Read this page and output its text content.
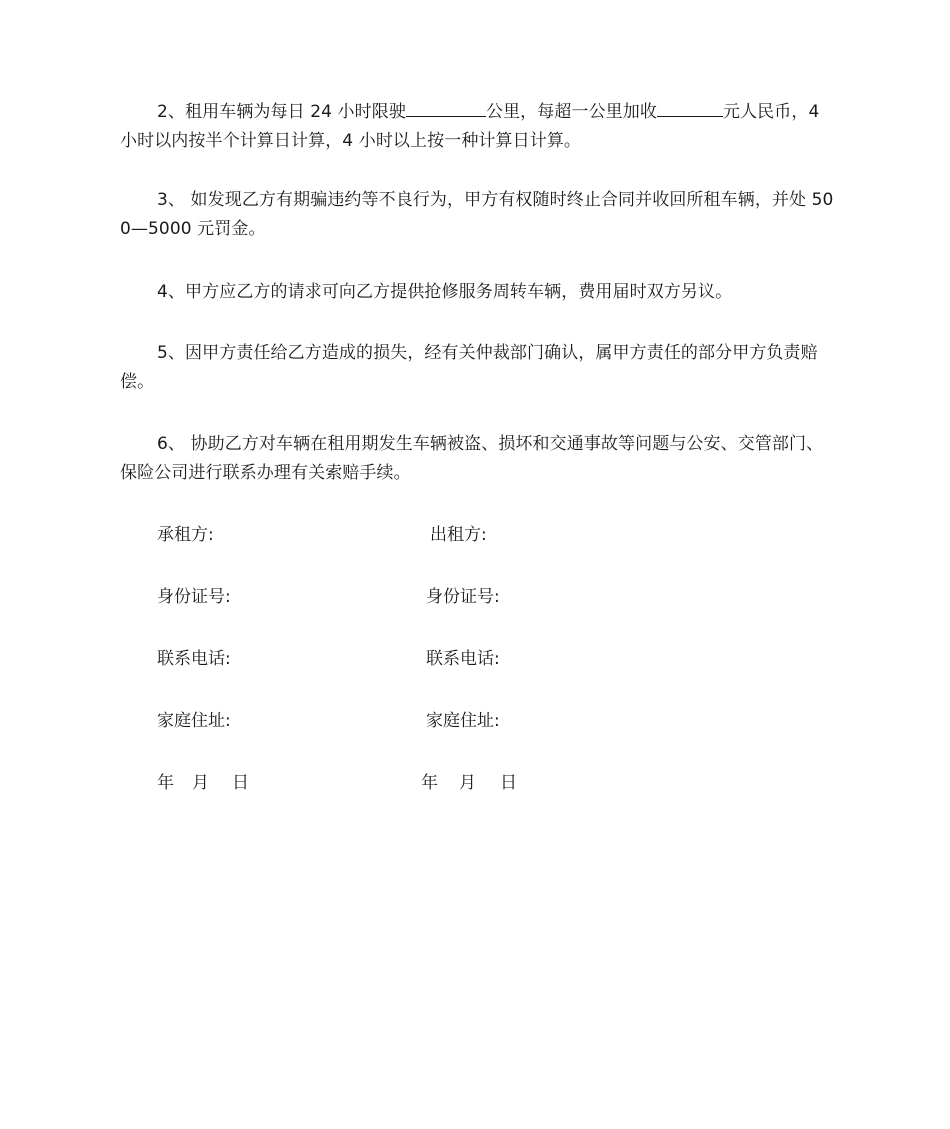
2、租用车辆为每日 24 小时限驶	公里，每超一公里加收	元人民币，4 小时以内按半个计算日计算，4 小时以上按一种计算日计算。

3、 如发现乙方有期骗违约等不良行为，甲方有权随时终止合同并收回所租车辆，并处 500—5000 元罚金。

4、甲方应乙方的请求可向乙方提供抢修服务周转车辆，费用届时双方另议。

5、因甲方责任给乙方造成的损失，经有关仲裁部门确认，属甲方责任的部分甲方负责赔偿。

6、 协助乙方对车辆在租用期发生车辆被盗、损坏和交通事故等问题与公安、交管部门、保险公司进行联系办理有关索赔手续。

承租方:
身份证号:
联系电话:
家庭住址:
年 月 日
出租方:
身份证号:
联系电话:
家庭住址:
年 月 日
